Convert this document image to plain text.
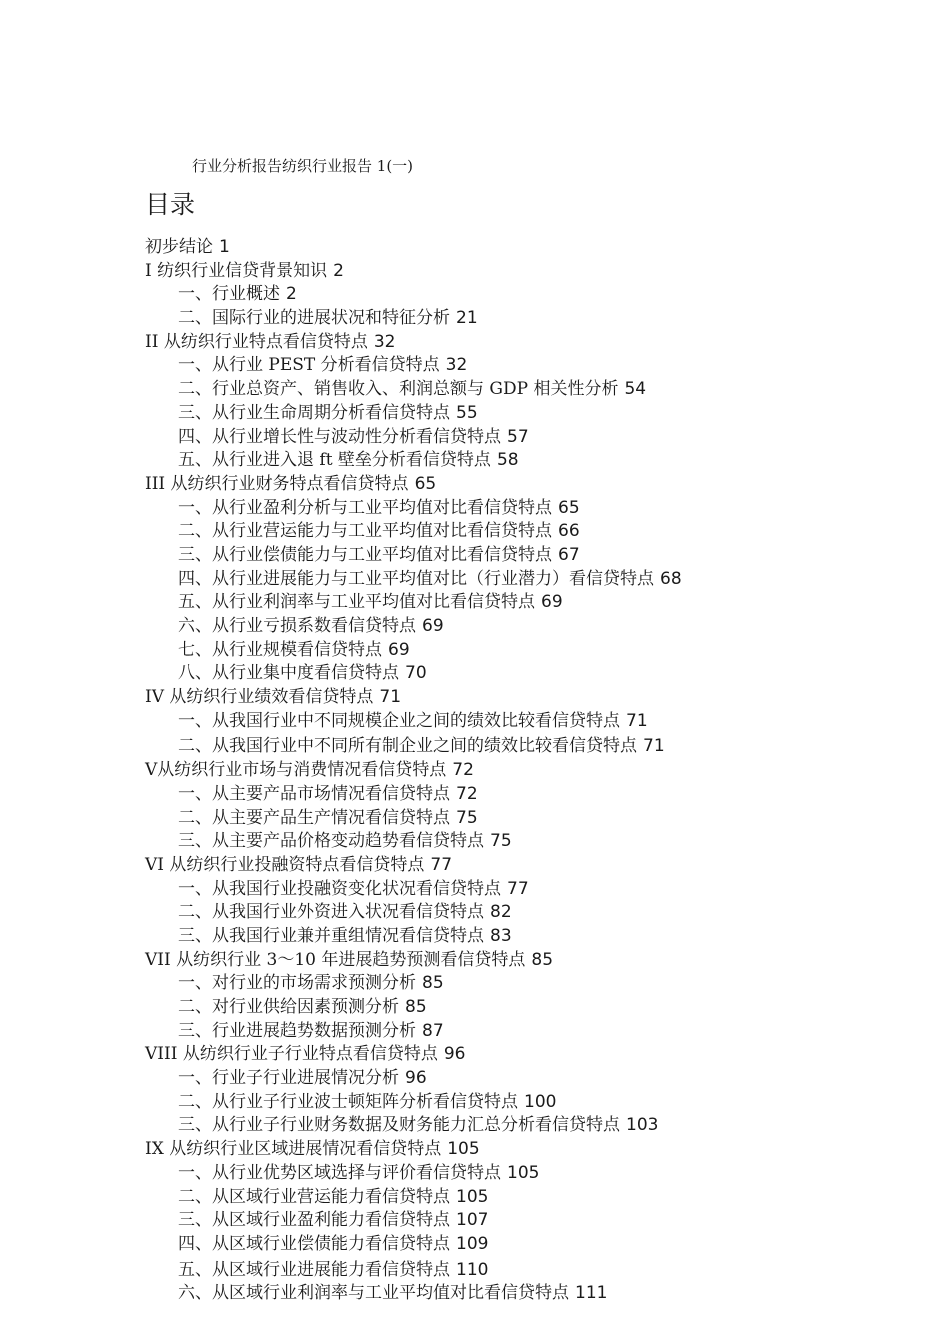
行业分析报告纺织行业报告 1(一)
目录
初步结论 1
I 纺织行业信贷背景知识 2
一、行业概述 2
二、国际行业的进展状况和特征分析 21
II 从纺织行业特点看信贷特点 32
一、从行业 PEST 分析看信贷特点 32
二、行业总资产、销售收入、利润总额与 GDP 相关性分析 54
三、从行业生命周期分析看信贷特点 55
四、从行业增长性与波动性分析看信贷特点 57
五、从行业进入退 ft 壁垒分析看信贷特点 58
III 从纺织行业财务特点看信贷特点 65
一、从行业盈利分析与工业平均值对比看信贷特点 65
二、从行业营运能力与工业平均值对比看信贷特点 66
三、从行业偿债能力与工业平均值对比看信贷特点 67
四、从行业进展能力与工业平均值对比（行业潜力）看信贷特点 68
五、从行业利润率与工业平均值对比看信贷特点 69
六、从行业亏损系数看信贷特点 69
七、从行业规模看信贷特点 69
八、从行业集中度看信贷特点 70
IV 从纺织行业绩效看信贷特点 71
一、从我国行业中不同规模企业之间的绩效比较看信贷特点 71
二、从我国行业中不同所有制企业之间的绩效比较看信贷特点 71
V从纺织行业市场与消费情况看信贷特点 72
一、从主要产品市场情况看信贷特点 72
二、从主要产品生产情况看信贷特点 75
三、从主要产品价格变动趋势看信贷特点 75
VI 从纺织行业投融资特点看信贷特点 77
一、从我国行业投融资变化状况看信贷特点 77
二、从我国行业外资进入状况看信贷特点 82
三、从我国行业兼并重组情况看信贷特点 83
VII 从纺织行业 3～10 年进展趋势预测看信贷特点 85
一、对行业的市场需求预测分析 85
二、对行业供给因素预测分析 85
三、行业进展趋势数据预测分析 87
VIII 从纺织行业子行业特点看信贷特点 96
一、行业子行业进展情况分析 96
二、从行业子行业波士顿矩阵分析看信贷特点 100
三、从行业子行业财务数据及财务能力汇总分析看信贷特点 103
IX 从纺织行业区域进展情况看信贷特点 105
一、从行业优势区域选择与评价看信贷特点 105
二、从区域行业营运能力看信贷特点 105
三、从区域行业盈利能力看信贷特点 107
四、从区域行业偿债能力看信贷特点 109
五、从区域行业进展能力看信贷特点 110
六、从区域行业利润率与工业平均值对比看信贷特点 111
